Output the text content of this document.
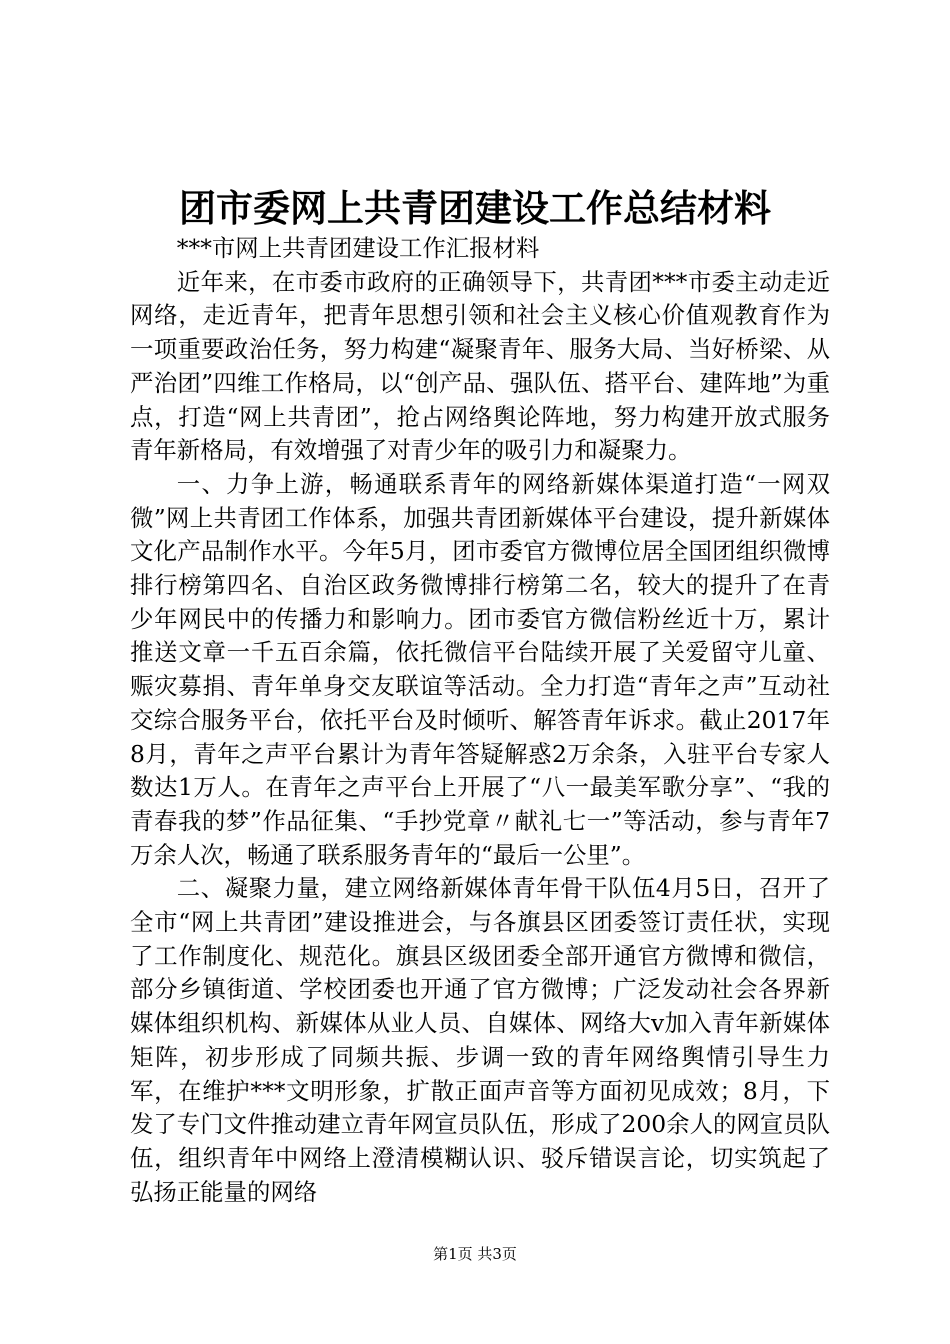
团市委网上共青团建设工作总结材料

***市网上共青团建设工作汇报材料

近年来，在市委市政府的正确领导下，共青团***市委主动走近网络，走近青年，把青年思想引领和社会主义核心价值观教育作为一项重要政治任务，努力构建“凝聚青年、服务大局、当好桥梁、从严治团”四维工作格局，以“创产品、强队伍、搭平台、建阵地”为重点，打造“网上共青团”，抢占网络舆论阵地，努力构建开放式服务青年新格局，有效增强了对青少年的吸引力和凝聚力。

一、力争上游，畅通联系青年的网络新媒体渠道打造“一网双微”网上共青团工作体系，加强共青团新媒体平台建设，提升新媒体文化产品制作水平。今年5月，团市委官方微博位居全国团组织微博排行榜第四名、自治区政务微博排行榜第二名，较大的提升了在青少年网民中的传播力和影响力。团市委官方微信粉丝近十万，累计推送文章一千五百余篇，依托微信平台陆续开展了关爱留守儿童、赈灾募捐、青年单身交友联谊等活动。全力打造“青年之声”互动社交综合服务平台，依托平台及时倾听、解答青年诉求。截止2017年8月，青年之声平台累计为青年答疑解惑2万余条，入驻平台专家人数达1万人。在青年之声平台上开展了“八一最美军歌分享”、“我的青春我的梦”作品征集、“手抄党章〃献礼七一”等活动，参与青年7万余人次，畅通了联系服务青年的“最后一公里”。

二、凝聚力量，建立网络新媒体青年骨干队伍4月5日，召开了全市“网上共青团”建设推进会，与各旗县区团委签订责任状，实现了工作制度化、规范化。旗县区级团委全部开通官方微博和微信，部分乡镇街道、学校团委也开通了官方微博；广泛发动社会各界新媒体组织机构、新媒体从业人员、自媒体、网络大v加入青年新媒体矩阵，初步形成了同频共振、步调一致的青年网络舆情引导生力军，在维护***文明形象，扩散正面声音等方面初见成效；8月，下发了专门文件推动建立青年网宣员队伍，形成了200余人的网宣员队伍，组织青年中网络上澄清模糊认识、驳斥错误言论，切实筑起了弘扬正能量的网络

第1页 共3页
